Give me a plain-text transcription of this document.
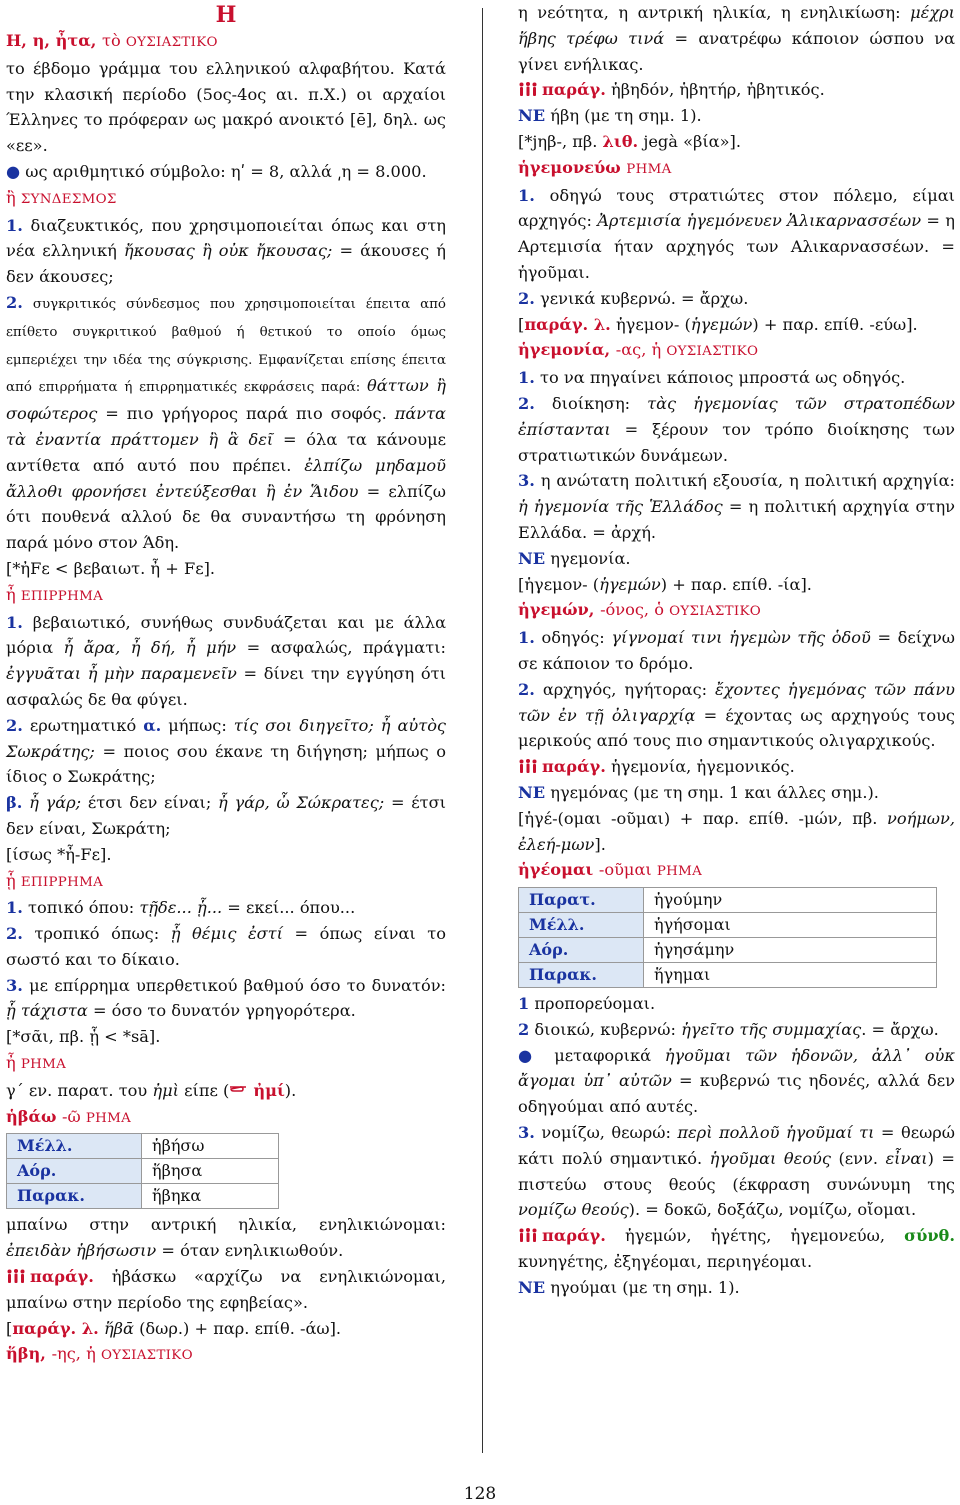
Η

Η, η, ἦτα, τὸ ΟΥΣΙΑΣΤΙΚΟ

το έβδομο γράμμα του ελληνικού αλφαβήτου. Κατά την κλασική περίοδο (5ος-4ος αι. π.Χ.) οι αρχαίοι Έλληνες το πρόφεραν ως μακρό ανοικτό [ē], δηλ. ως «εε».

● ως αριθμητικό σύμβολο: ηʹ = 8, αλλά ͵η = 8.000.

ἢ ΣΥΝΔΕΣΜΟΣ

1. διαζευκτικός, που χρησιμοποιείται όπως και στη νέα ελληνική ἤκουσας ἢ οὐκ ἤκουσας; = άκουσες ή δεν άκουσες;

2. συγκριτικός σύνδεσμος που χρησιμοποιείται έπειτα από επίθετο συγκριτικού βαθμού ή θετικού το οποίο όμως εμπεριέχει την ιδέα της σύγκρισης. Εμφανίζεται επίσης έπειτα από επιρρήματα ή επιρρηματικές εκφράσεις παρά: θάττων ἢ σοφώτερος = πιο γρήγορος παρά πιο σοφός. πάντα τὰ ἐναντία πράττομεν ἢ ἃ δεῖ = όλα τα κάνουμε αντίθετα από αυτό που πρέπει. ἐλπίζω μηδαμοῦ ἄλλοθι φρονήσει ἐντεύξεσθαι ἢ ἐν Ἅιδου = ελπίζω ότι πουθενά αλλού δε θα συναντήσω τη φρόνηση παρά μόνο στον Άδη.

[*ἠFε < βεβαιωτ. ἦ + Fε].

ἦ ΕΠΙΡΡΗΜΑ

1. βεβαιωτικό, συνήθως συνδυάζεται και με άλλα μόρια ἦ ἄρα, ἦ δή, ἦ μήν = ασφαλώς, πράγματι: ἐγγυᾶται ἦ μὴν παραμενεῖν = δίνει την εγγύηση ότι ασφαλώς δε θα φύγει.

2. ερωτηματικό α. μήπως: τίς σοι διηγεῖτο; ἦ αὐτὸς Σωκράτης; = ποιος σου έκανε τη διήγηση; μήπως ο ίδιος ο Σωκράτης;

β. ἦ γάρ; έτσι δεν είναι; ἦ γάρ, ὦ Σώκρατες; = έτσι δεν είναι, Σωκράτη;

[ίσως *ἦ-Fε].

ᾗ ΕΠΙΡΡΗΜΑ

1. τοπικό όπου: τῇδε... ᾗ... = εκεί... όπου...

2. τροπικό όπως: ᾗ θέμις ἐστί = όπως είναι το σωστό και το δίκαιο.

3. με επίρρημα υπερθετικού βαθμού όσο το δυνατόν: ᾗ τάχιστα = όσο το δυνατόν γρηγορότερα.

[*σᾶι, πβ. ᾗ < *sā].

ἦ ΡΗΜΑ

γ΄ εν. παρατ. του ἠμὶ είπε ( ἠμί).

ἡβάω -ῶ ΡΗΜΑ

Μέλλ.	ἡβήσω
Αόρ.	ἥβησα
Παρακ.	ἥβηκα

μπαίνω στην αντρική ηλικία, ενηλικιώνομαι: ἐπειδὰν ἡβήσωσιν = όταν ενηλικιωθούν.

παράγ. ἡβάσκω «αρχίζω να ενηλικιώνομαι, μπαίνω στην περίοδο της εφηβείας».

[παράγ. λ. ἥβᾱ (δωρ.) + παρ. επίθ. -άω].

ἥβη, -ης, ἡ ΟΥΣΙΑΣΤΙΚΟ

η νεότητα, η αντρική ηλικία, η ενηλικίωση: μέχρι ἥβης τρέφω τινά = ανατρέφω κάποιον ώσπου να γίνει ενήλικας.

παράγ. ἡβηδόν, ἡβητήρ, ἡβητικός.

ΝΕ ήβη (με τη σημ. 1).

[*jηβ-, πβ. λιθ. jegà «βία»].

ἡγεμονεύω ΡΗΜΑ

1. οδηγώ τους στρατιώτες στον πόλεμο, είμαι αρχηγός: Ἀρτεμισία ἡγεμόνευεν Ἁλικαρνασσέων = η Αρτεμισία ήταν αρχηγός των Αλικαρνασσέων. = ἡγοῦμαι.

2. γενικά κυβερνώ. = ἄρχω.

[παράγ. λ. ἡγεμον- (ἡγεμών) + παρ. επίθ. -εύω].

ἡγεμονία, -ας, ἡ ΟΥΣΙΑΣΤΙΚΟ

1. το να πηγαίνει κάποιος μπροστά ως οδηγός.

2. διοίκηση: τὰς ἡγεμονίας τῶν στρατοπέδων ἐπίστανται = ξέρουν τον τρόπο διοίκησης των στρατιωτικών δυνάμεων.

3. η ανώτατη πολιτική εξουσία, η πολιτική αρχηγία: ἡ ἡγεμονία τῆς Ἑλλάδος = η πολιτική αρχηγία στην Ελλάδα. = ἀρχή.

ΝΕ ηγεμονία.

[ἡγεμον- (ἡγεμών) + παρ. επίθ. -ία].

ἡγεμών, -όνος, ὁ ΟΥΣΙΑΣΤΙΚΟ

1. οδηγός: γίγνομαί τινι ἡγεμὼν τῆς ὁδοῦ = δείχνω σε κάποιον το δρόμο.

2. αρχηγός, ηγήτορας: ἔχοντες ἡγεμόνας τῶν πάνυ τῶν ἐν τῇ ὀλιγαρχίᾳ = έχοντας ως αρχηγούς τους μερικούς από τους πιο σημαντικούς ολιγαρχικούς.

παράγ. ἡγεμονία, ἡγεμονικός.

ΝΕ ηγεμόνας (με τη σημ. 1 και άλλες σημ.).

[ἡγέ-(ομαι -οῦμαι) + παρ. επίθ. -μών, πβ. νοήμων, ἐλεή-μων].

ἡγέομαι -οῦμαι ΡΗΜΑ

Παρατ.	ἡγούμην
Μέλλ.	ἡγήσομαι
Αόρ.	ἡγησάμην
Παρακ.	ἥγημαι

1 προπορεύομαι.

2 διοικώ, κυβερνώ: ἡγεῖτο τῆς συμμαχίας. = ἄρχω.

● μεταφορικά ἡγοῦμαι τῶν ἡδονῶν, ἀλλ᾽ οὐκ ἄγομαι ὑπ᾽ αὐτῶν = κυβερνώ τις ηδονές, αλλά δεν οδηγούμαι από αυτές.

3. νομίζω, θεωρώ: περὶ πολλοῦ ἡγοῦμαί τι = θεωρώ κάτι πολύ σημαντικό. ἡγοῦμαι θεούς (ενν. εἶναι) = πιστεύω στους θεούς (έκφραση συνώνυμη της νομίζω θεούς). = δοκῶ, δοξάζω, νομίζω, οἴομαι.

παράγ. ἡγεμών, ἡγέτης, ἡγεμονεύω, σύνθ. κυνηγέτης, ἐξηγέομαι, περιηγέομαι.

ΝΕ ηγούμαι (με τη σημ. 1).

128
